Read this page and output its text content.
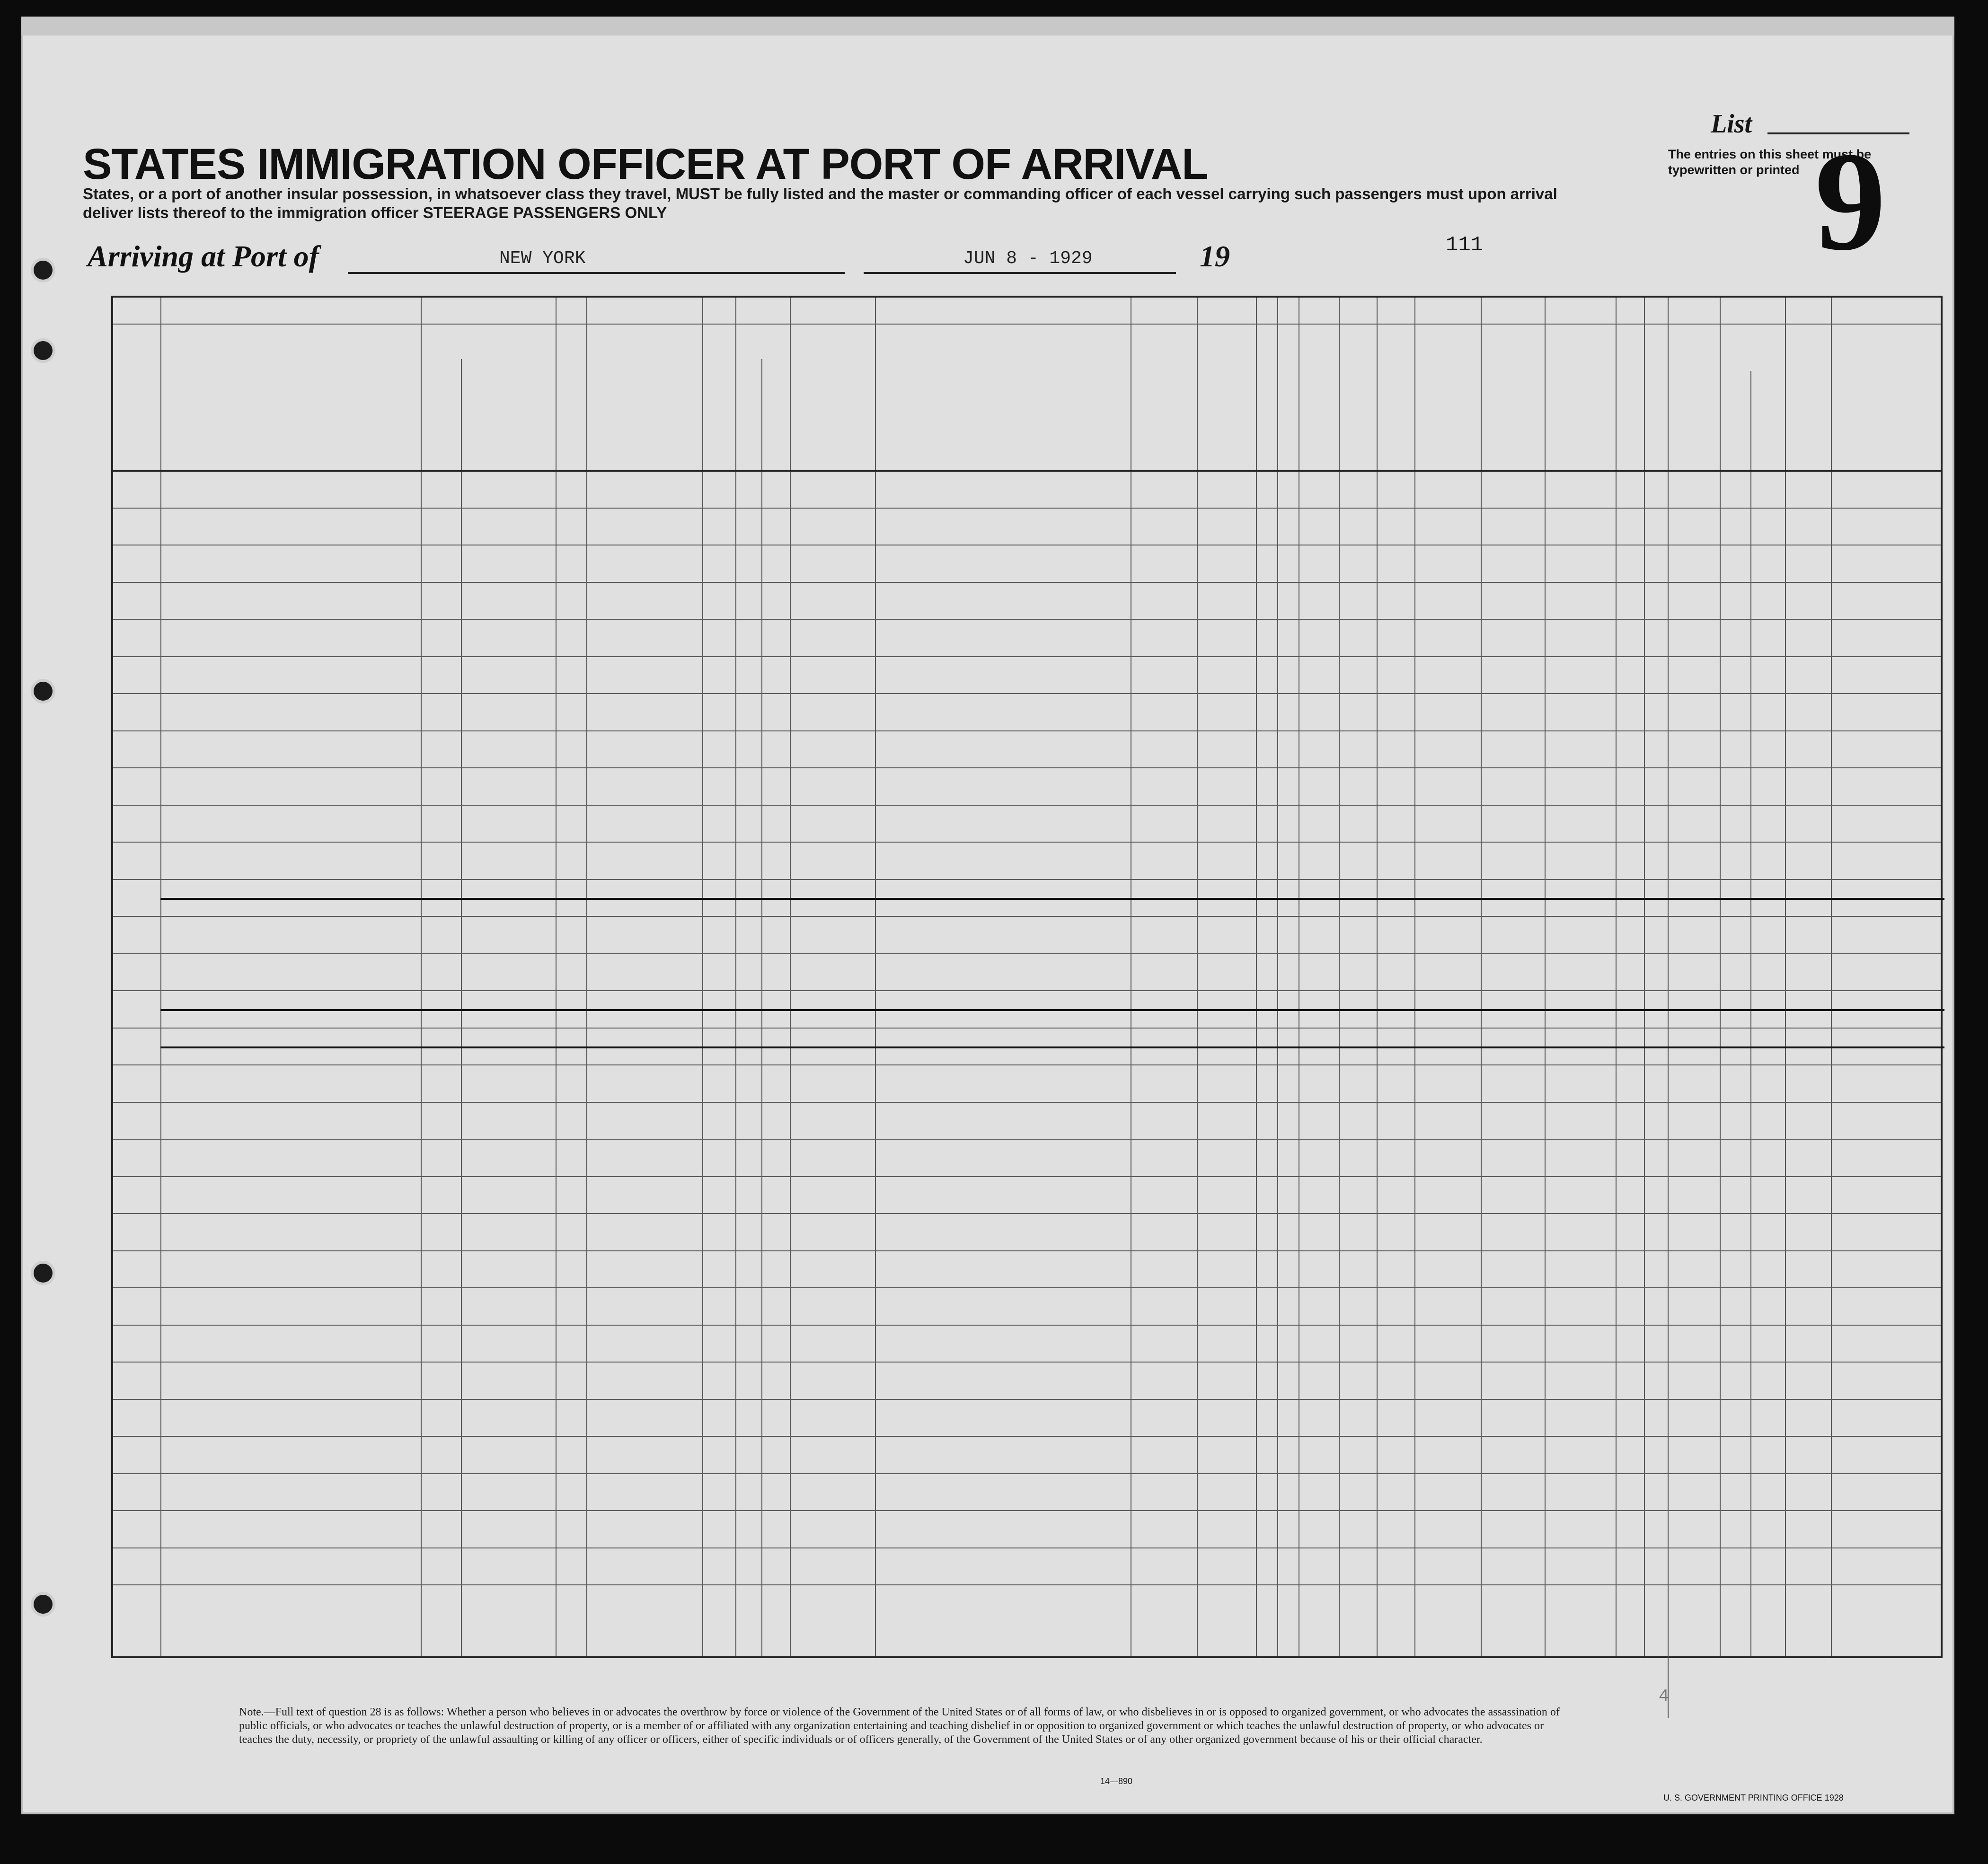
STATES IMMIGRATION OFFICER AT PORT OF ARRIVAL
States, or a port of another insular possession, in whatsoever class they travel, MUST be fully listed and the master or commanding officer of each vessel carrying such passengers must upon arrival deliver lists thereof to the immigration officer STEERAGE PASSENGERS ONLY
Arriving at Port of	NEW YORK	JUN 8 - 1929	19	111
List
The entries on this sheet must be typewritten or printed 9
Note.—Full text of question 28 is as follows: Whether a person who believes in or advocates the overthrow by force or violence of the Government of the United States or of all forms of law, or who disbelieves in or is opposed to organized government, or who advocates the assassination of public officials, or who advocates or teaches the unlawful destruction of property, or is a member of or affiliated with any organization entertaining and teaching disbelief in or opposition to organized government or which teaches the unlawful destruction of property, or who advocates or teaches the duty, necessity, or propriety of the unlawful assaulting or killing of any officer or officers, either of specific individuals or of officers generally, of the Government of the United States or of any other organized government because of his or their official character.
14—890
U. S. GOVERNMENT PRINTING OFFICE 1928
4
